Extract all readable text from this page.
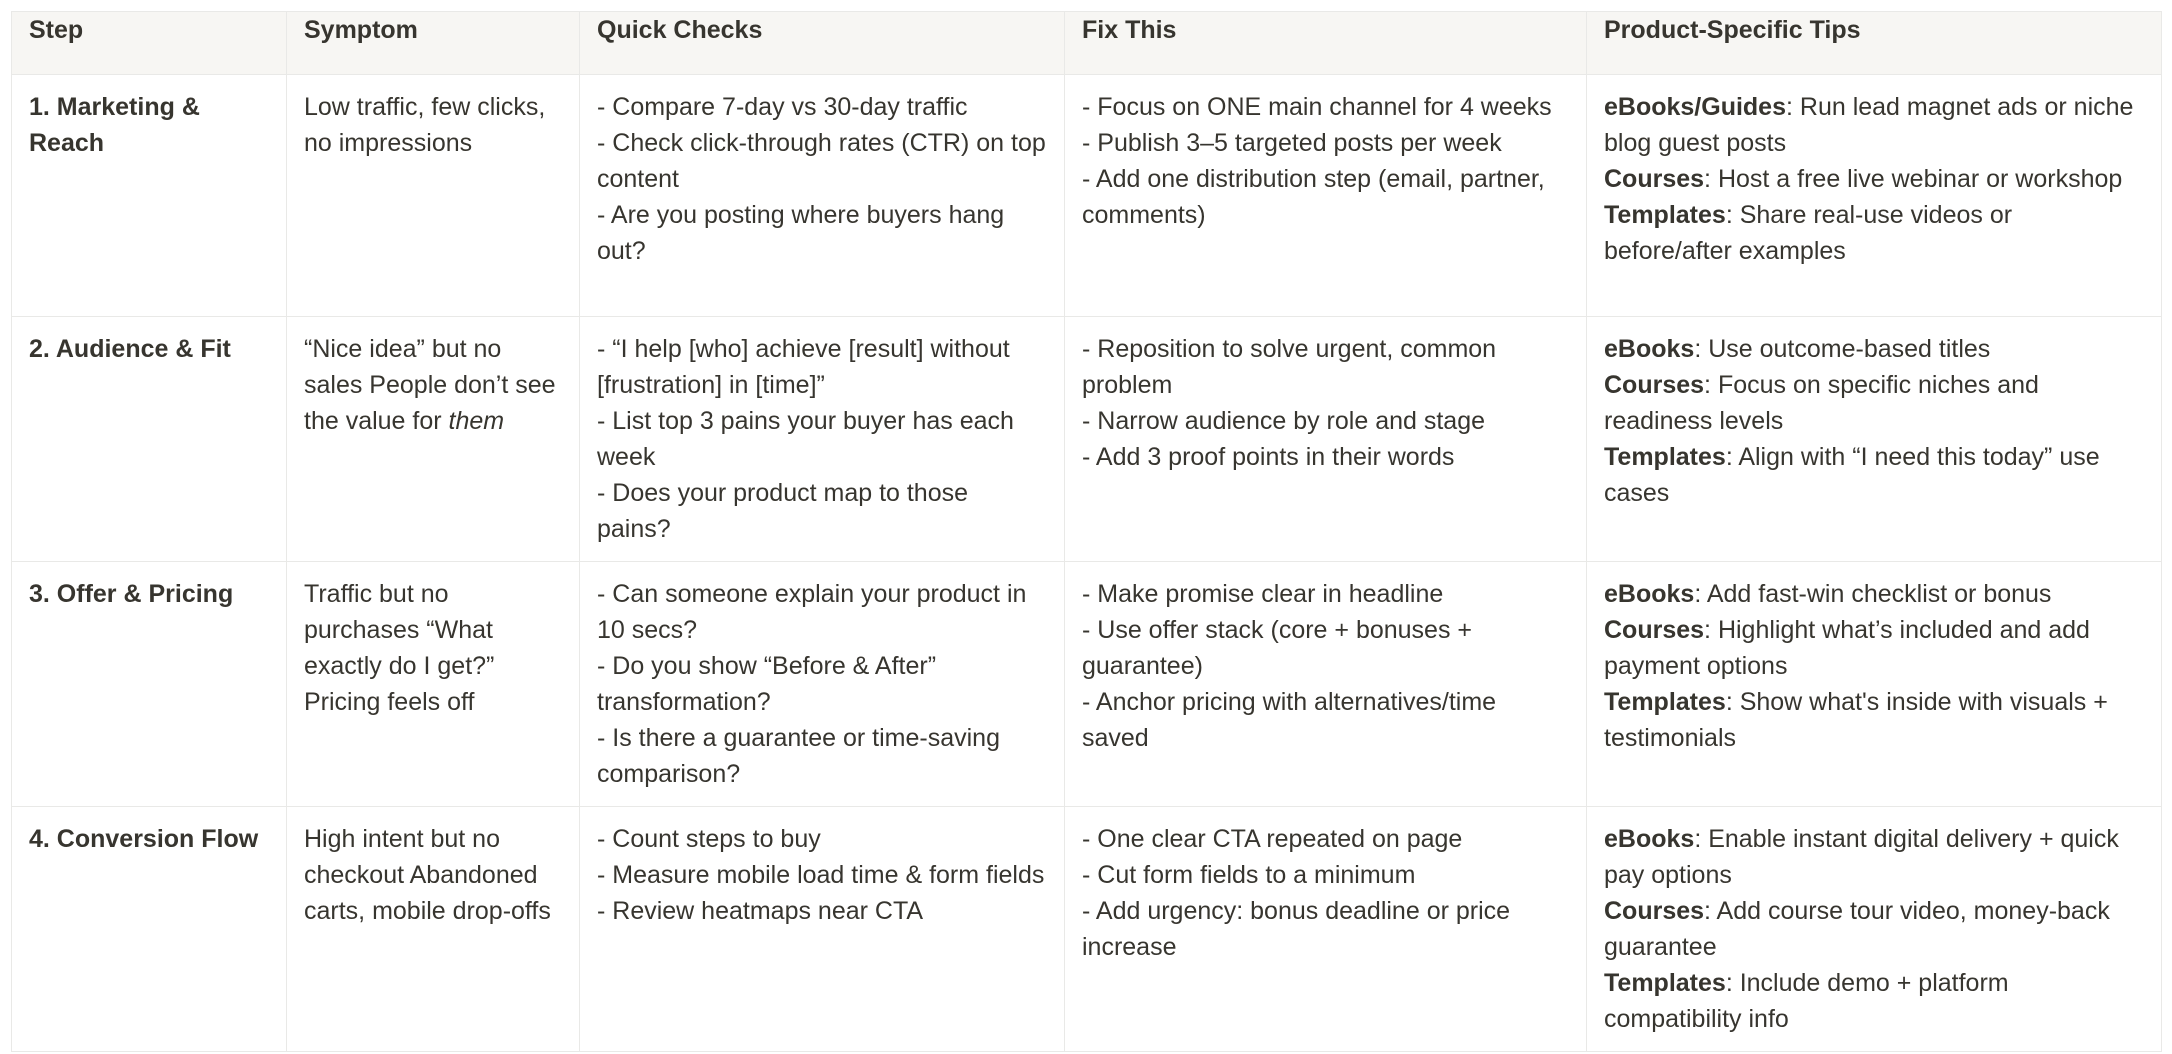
Step	Symptom	Quick Checks	Fix This	Product-Specific Tips
1. Marketing & Reach	Low traffic, few clicks, no impressions	- Compare 7-day vs 30-day traffic
- Check click-through rates (CTR) on top content
- Are you posting where buyers hang out?	- Focus on ONE main channel for 4 weeks
- Publish 3–5 targeted posts per week
- Add one distribution step (email, partner, comments)	eBooks/Guides: Run lead magnet ads or niche blog guest posts
Courses: Host a free live webinar or workshop
Templates: Share real-use videos or before/after examples

2. Audience & Fit	“Nice idea” but no sales People don’t see the value for them	- “I help [who] achieve [result] without [frustration] in [time]”
- List top 3 pains your buyer has each week
- Does your product map to those pains?	- Reposition to solve urgent, common problem
- Narrow audience by role and stage
- Add 3 proof points in their words	eBooks: Use outcome-based titles
Courses: Focus on specific niches and readiness levels
Templates: Align with “I need this today” use cases

3. Offer & Pricing	Traffic but no purchases “What exactly do I get?” Pricing feels off	- Can someone explain your product in 10 secs?
- Do you show “Before & After” transformation?
- Is there a guarantee or time-saving comparison?	- Make promise clear in headline
- Use offer stack (core + bonuses + guarantee)
- Anchor pricing with alternatives/time saved	eBooks: Add fast-win checklist or bonus
Courses: Highlight what’s included and add payment options
Templates: Show what's inside with visuals + testimonials

4. Conversion Flow	High intent but no checkout Abandoned carts, mobile drop-offs	- Count steps to buy
- Measure mobile load time & form fields
- Review heatmaps near CTA	- One clear CTA repeated on page
- Cut form fields to a minimum
- Add urgency: bonus deadline or price increase	eBooks: Enable instant digital delivery + quick pay options
Courses: Add course tour video, money-back guarantee
Templates: Include demo + platform compatibility info
